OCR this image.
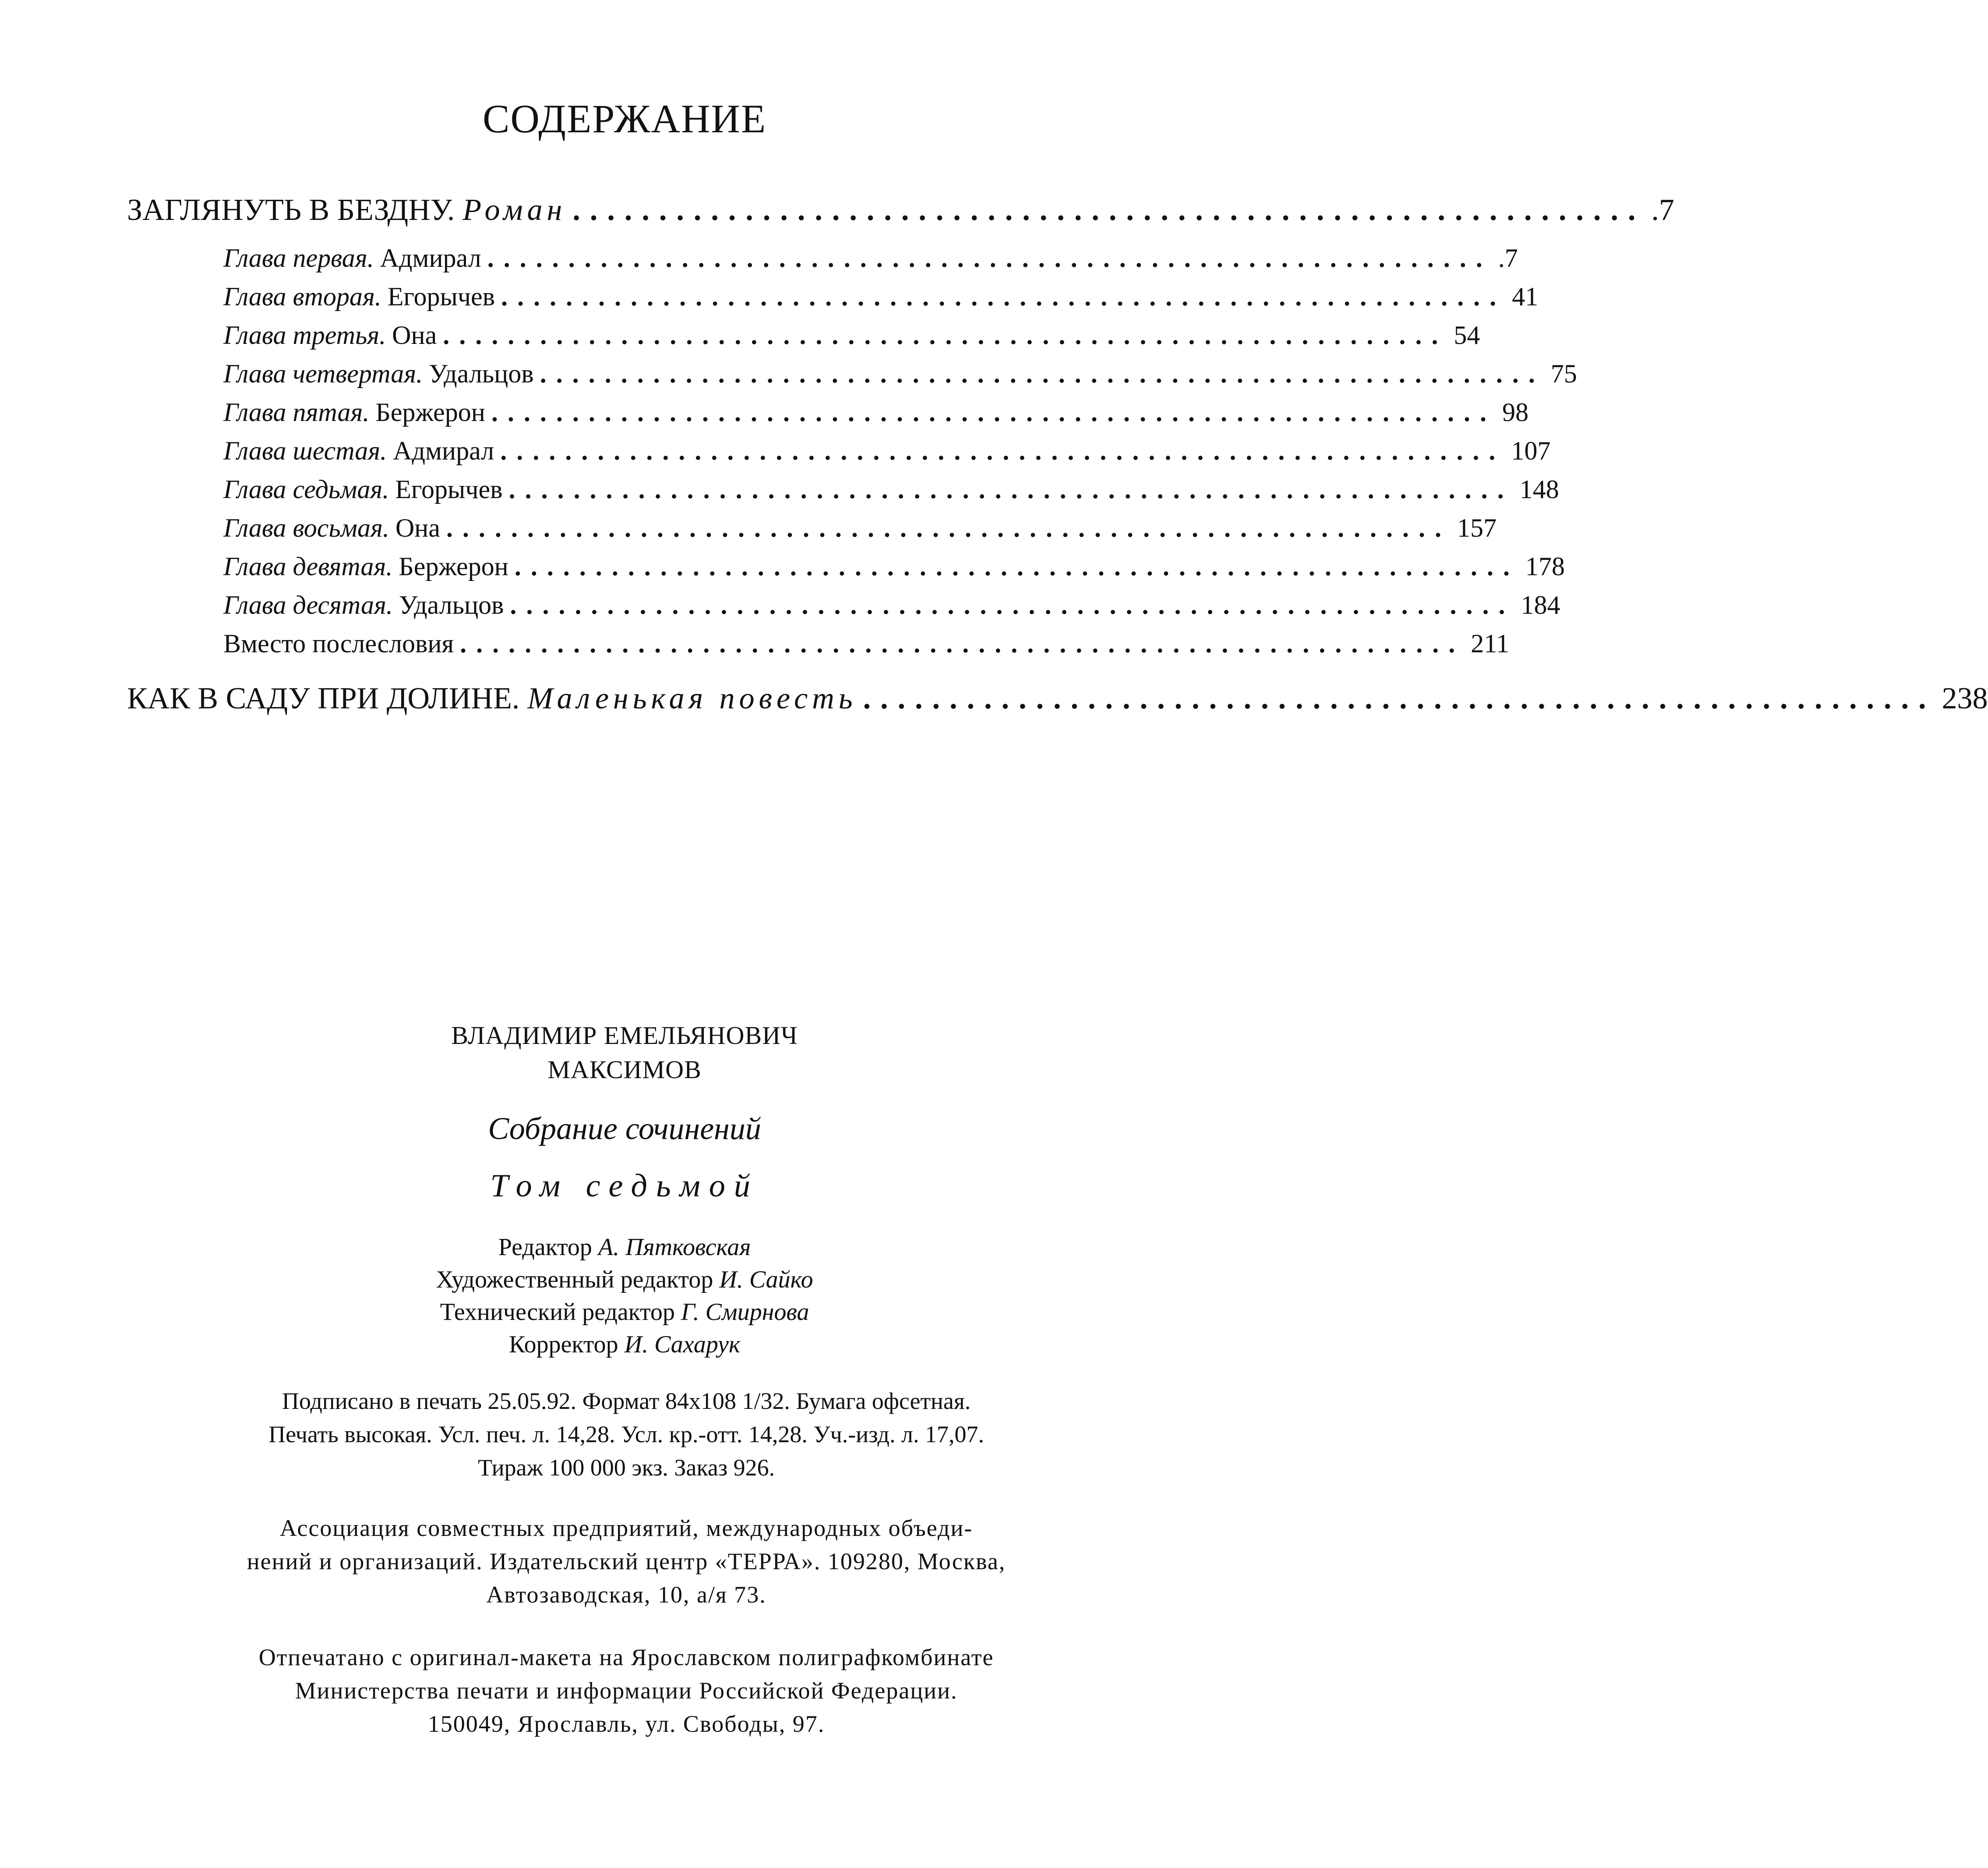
СОДЕРЖАНИЕ
ЗАГЛЯНУТЬ В БЕЗДНУ. Роман .............................................................. .7
Глава первая. Адмирал .............................................................. .7
Глава вторая. Егорычев .............................................................. 41
Глава третья. Она .............................................................. 54
Глава четвертая. Удальцов .............................................................. 75
Глава пятая. Бержерон .............................................................. 98
Глава шестая. Адмирал .............................................................. 107
Глава седьмая. Егорычев .............................................................. 148
Глава восьмая. Она .............................................................. 157
Глава девятая. Бержерон .............................................................. 178
Глава десятая. Удальцов .............................................................. 184
Вместо послесловия .............................................................. 211
КАК В САДУ ПРИ ДОЛИНЕ. Маленькая повесть .............................................................. 238
ВЛАДИМИР ЕМЕЛЬЯНОВИЧ
МАКСИМОВ
Собрание сочинений
Том седьмой
Редактор А. Пятковская
Художественный редактор И. Сайко
Технический редактор Г. Смирнова
Корректор И. Сахарук
Подписано в печать 25.05.92. Формат 84х108 1/32. Бумага офсетная.
Печать высокая. Усл. печ. л. 14,28. Усл. кр.-отт. 14,28. Уч.-изд. л. 17,07.
Тираж 100 000 экз. Заказ 926.
Ассоциация совместных предприятий, международных объеди-
нений и организаций. Издательский центр «ТЕРРА». 109280, Москва,
Автозаводская, 10, а/я 73.
Отпечатано с оригинал-макета на Ярославском полиграфкомбинате
Министерства печати и информации Российской Федерации.
150049, Ярославль, ул. Свободы, 97.
